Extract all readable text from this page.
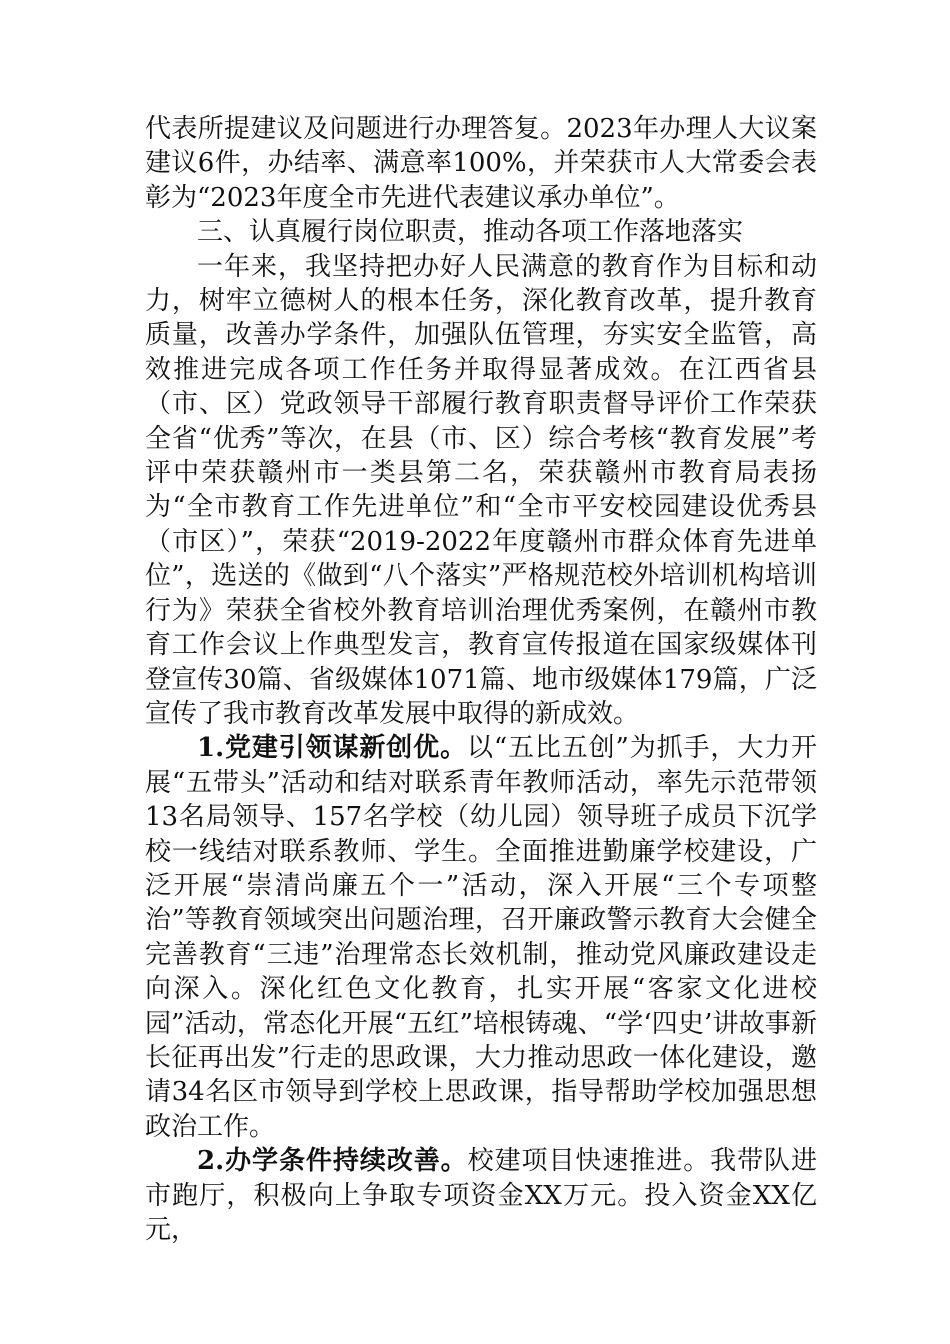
代表所提建议及问题进行办理答复。2023年办理人大议案建议6件，办结率、满意率100%，并荣获市人大常委会表彰为“2023年度全市先进代表建议承办单位”。

三、认真履行岗位职责，推动各项工作落地落实

一年来，我坚持把办好人民满意的教育作为目标和动力，树牢立德树人的根本任务，深化教育改革，提升教育质量，改善办学条件，加强队伍管理，夯实安全监管，高效推进完成各项工作任务并取得显著成效。在江西省县（市、区）党政领导干部履行教育职责督导评价工作荣获全省“优秀”等次，在县（市、区）综合考核“教育发展”考评中荣获赣州市一类县第二名，荣获赣州市教育局表扬为“全市教育工作先进单位”和“全市平安校园建设优秀县（市区）”，荣获“2019-2022年度赣州市群众体育先进单位”，选送的《做到“八个落实”严格规范校外培训机构培训行为》荣获全省校外教育培训治理优秀案例，在赣州市教育工作会议上作典型发言，教育宣传报道在国家级媒体刊登宣传30篇、省级媒体1071篇、地市级媒体179篇，广泛宣传了我市教育改革发展中取得的新成效。

1.党建引领谋新创优。以“五比五创”为抓手，大力开展“五带头”活动和结对联系青年教师活动，率先示范带领13名局领导、157名学校（幼儿园）领导班子成员下沉学校一线结对联系教师、学生。全面推进勤廉学校建设，广泛开展“崇清尚廉五个一”活动，深入开展“三个专项整治”等教育领域突出问题治理，召开廉政警示教育大会健全完善教育“三违”治理常态长效机制，推动党风廉政建设走向深入。深化红色文化教育，扎实开展“客家文化进校园”活动，常态化开展“五红”培根铸魂、“学‘四史’讲故事新长征再出发”行走的思政课，大力推动思政一体化建设，邀请34名区市领导到学校上思政课，指导帮助学校加强思想政治工作。

2.办学条件持续改善。校建项目快速推进。我带队进市跑厅，积极向上争取专项资金XX万元。投入资金XX亿元，
